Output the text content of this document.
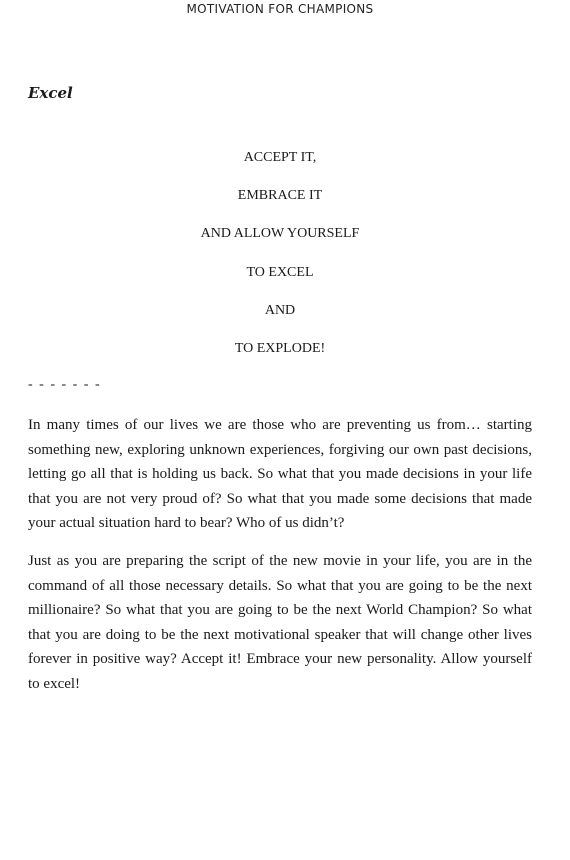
MOTIVATION FOR CHAMPIONS
Excel
ACCEPT IT,
EMBRACE IT
AND ALLOW YOURSELF
TO EXCEL
AND
TO EXPLODE!
- - - - - - -

In many times of our lives we are those who are preventing us from… starting something new, exploring unknown experiences, forgiving our own past decisions, letting go all that is holding us back. So what that you made decisions in your life that you are not very proud of? So what that you made some decisions that made your actual situation hard to bear? Who of us didn’t?

Just as you are preparing the script of the new movie in your life, you are in the command of all those necessary details. So what that you are going to be the next millionaire? So what that you are going to be the next World Champion? So what that you are doing to be the next motivational speaker that will change other lives forever in positive way? Accept it! Embrace your new personality. Allow yourself to excel!
